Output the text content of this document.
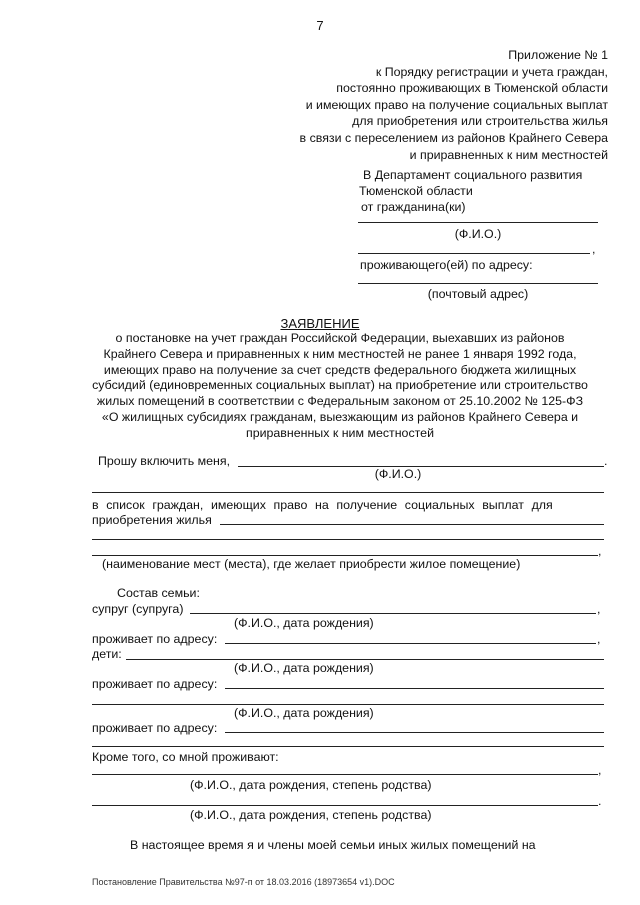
7
Приложение № 1
к Порядку регистрации и учета граждан,
постоянно проживающих в Тюменской области
и имеющих право на получение социальных выплат
для приобретения или строительства жилья
в связи с переселением из районов Крайнего Севера
и приравненных к ним местностей
В Департамент социального развития
Тюменской области
от гражданина(ки)
(Ф.И.О.)
,
проживающего(ей) по адресу:
(почтовый адрес)
ЗАЯВЛЕНИЕ
о постановке на учет граждан Российской Федерации, выехавших из районов
Крайнего Севера и приравненных к ним местностей не ранее 1 января 1992 года,
имеющих право на получение за счет средств федерального бюджета жилищных
субсидий (единовременных социальных выплат) на приобретение или строительство
жилых помещений в соответствии с Федеральным законом от 25.10.2002 № 125-ФЗ
«О жилищных субсидиях гражданам, выезжающим из районов Крайнего Севера и
приравненных к ним местностей
Прошу включить меня,	.
(Ф.И.О.)
в список граждан, имеющих право на получение социальных выплат для
приобретения жилья
,
(наименование мест (места), где желает приобрести жилое помещение)
Состав семьи:
супруг (супруга)	,
(Ф.И.О., дата рождения)
проживает по адресу:	,
дети:
(Ф.И.О., дата рождения)
проживает по адресу:
(Ф.И.О., дата рождения)
проживает по адресу:
Кроме того, со мной проживают:
,
(Ф.И.О., дата рождения, степень родства)
.
(Ф.И.О., дата рождения, степень родства)
В настоящее время я и члены моей семьи иных жилых помещений на
Постановление Правительства №97-п от 18.03.2016 (18973654 v1).DOC
